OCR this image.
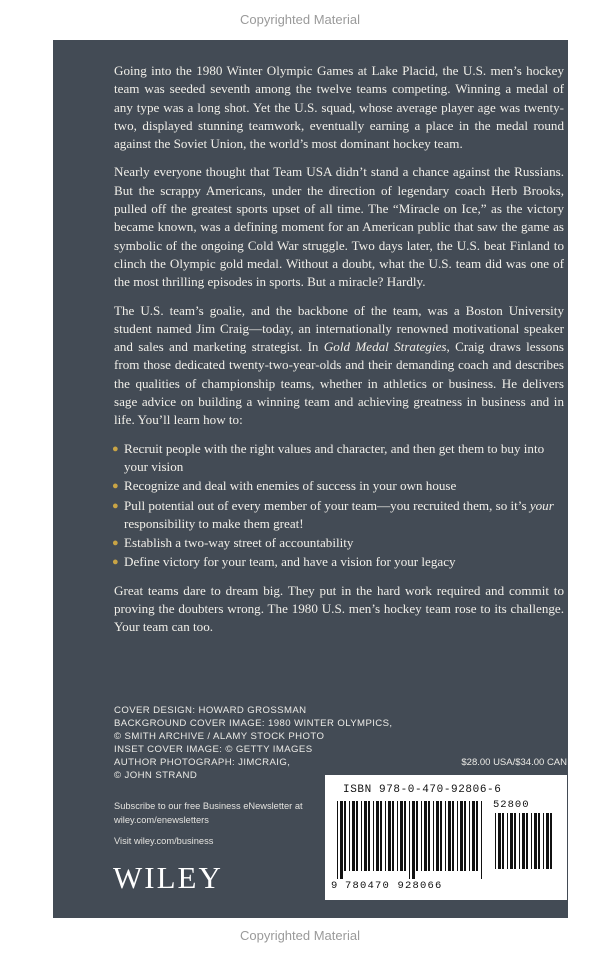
Copyrighted Material

Going into the 1980 Winter Olympic Games at Lake Placid, the U.S. men’s hockey team was seeded seventh among the twelve teams competing. Winning a medal of any type was a long shot. Yet the U.S. squad, whose average player age was twenty-two, displayed stunning teamwork, eventually earning a place in the medal round against the Soviet Union, the world’s most dominant hockey team.

Nearly everyone thought that Team USA didn’t stand a chance against the Russians. But the scrappy Americans, under the direction of legendary coach Herb Brooks, pulled off the greatest sports upset of all time. The “Miracle on Ice,” as the victory became known, was a defining moment for an American public that saw the game as symbolic of the ongoing Cold War struggle. Two days later, the U.S. beat Finland to clinch the Olympic gold medal. Without a doubt, what the U.S. team did was one of the most thrilling episodes in sports. But a miracle? Hardly.

The U.S. team’s goalie, and the backbone of the team, was a Boston University student named Jim Craig—today, an internationally renowned motivational speaker and sales and marketing strategist. In Gold Medal Strategies, Craig draws lessons from those dedicated twenty-two-year-olds and their demanding coach and describes the qualities of championship teams, whether in athletics or business. He delivers sage advice on building a winning team and achieving greatness in business and in life. You’ll learn how to:

● Recruit people with the right values and character, and then get them to buy into your vision
● Recognize and deal with enemies of success in your own house
● Pull potential out of every member of your team—you recruited them, so it’s your responsibility to make them great!
● Establish a two-way street of accountability
● Define victory for your team, and have a vision for your legacy

Great teams dare to dream big. They put in the hard work required and commit to proving the doubters wrong. The 1980 U.S. men’s hockey team rose to its challenge. Your team can too.

COVER DESIGN: HOWARD GROSSMAN
BACKGROUND COVER IMAGE: 1980 WINTER OLYMPICS,
© SMITH ARCHIVE / ALAMY STOCK PHOTO
INSET COVER IMAGE: © GETTY IMAGES
AUTHOR PHOTOGRAPH: JIMCRAIG,
© JOHN STRAND
$28.00 USA/$34.00 CAN
Subscribe to our free Business eNewsletter at
wiley.com/enewsletters
Visit wiley.com/business
WILEY
ISBN 978-0-470-92806-6
52800
9 780470 928066
Copyrighted Material
